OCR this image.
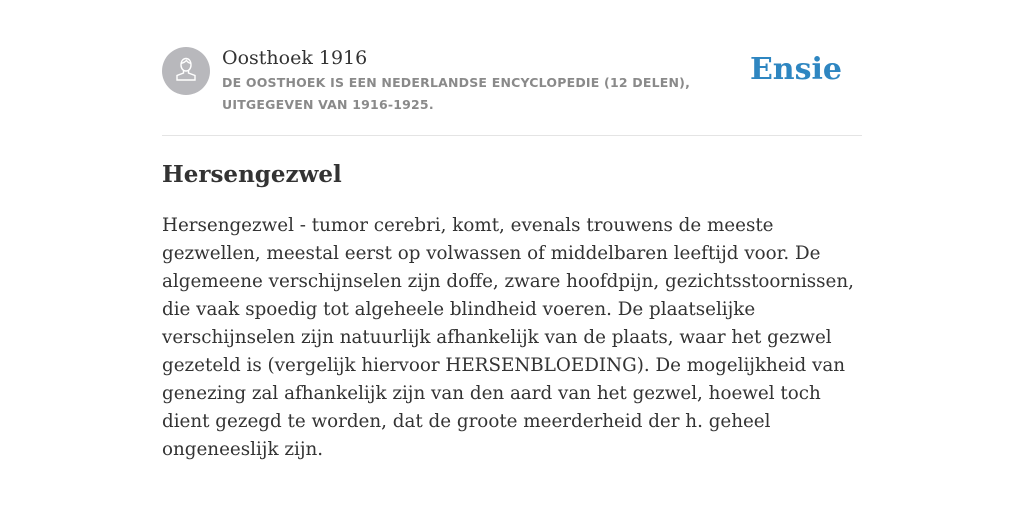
Oosthoek 1916

DE OOSTHOEK IS EEN NEDERLANDSE ENCYCLOPEDIE (12 DELEN), UITGEGEVEN VAN 1916-1925.

Ensie
Hersengezwel

Hersengezwel - tumor cerebri, komt, evenals trouwens de meeste gezwellen, meestal eerst op volwassen of middelbaren leeftijd voor. De algemeene verschijnselen zijn doffe, zware hoofdpijn, gezichtsstoornissen, die vaak spoedig tot algeheele blindheid voeren. De plaatselijke verschijnselen zijn natuurlijk afhankelijk van de plaats, waar het gezwel gezeteld is (vergelijk hiervoor HERSENBLOEDING). De mogelijkheid van genezing zal afhankelijk zijn van den aard van het gezwel, hoewel toch dient gezegd te worden, dat de groote meerderheid der h. geheel ongeneeslijk zijn.
